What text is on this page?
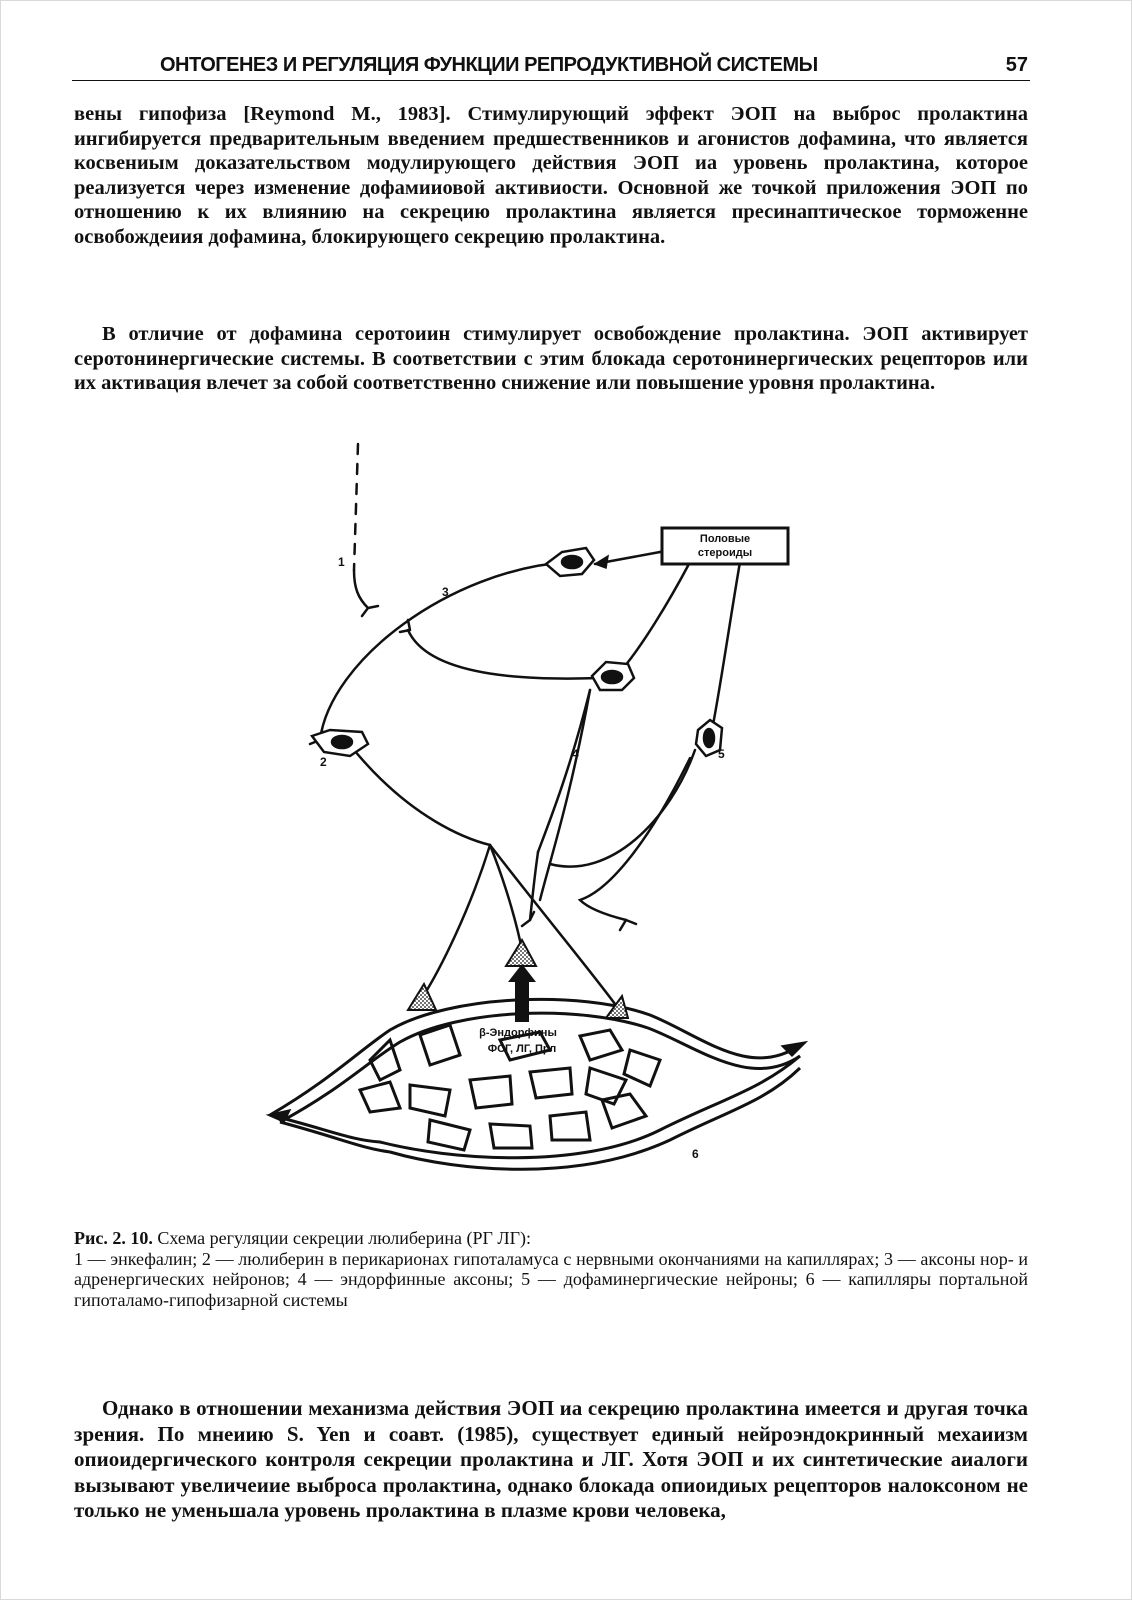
ОНТОГЕНЕЗ И РЕГУЛЯЦИЯ ФУНКЦИИ РЕПРОДУКТИВНОЙ СИСТЕМЫ	57
вены гипофиза [Reymond M., 1983]. Стимулирующий эффект ЭОП на выброс пролактина ингибируется предварительным введением предшественников и агонистов дофамина, что является косвениым доказательством модулирующего действия ЭОП иа уровень пролактина, которое реализуется через изменение дофамииовой активиости. Основной же точкой приложения ЭОП по отношению к их влиянию на секрецию пролактина является пресинаптическое торможенне освобождеиия дофамина, блокирующего секрецию пролактина.
В отличие от дофамина серотоиин стимулирует освобождение пролактина. ЭОП активирует серотонинергические системы. В соответствии с этим блокада серотонинергических рецепторов или их активация влечет за собой соответственно снижение или повышение уровня пролактина.
Половые
стероиды
β-Эндорфины
ФСГ, ЛГ, Прл
1
2
3
4	5
6
Рис. 2. 10. Схема регуляции секреции люлиберина (РГ ЛГ):
1 — энкефалин; 2 — люлиберин в перикарионах гипоталамуса с нервными окончаниями на капиллярах; 3 — аксоны нор- и адренергических нейронов; 4 — эндорфинные аксоны; 5 — дофаминергические нейроны; 6 — капилляры портальной гипоталамо-гипофизарной системы
Однако в отношении механизма действия ЭОП иа секрецию пролактина имеется и другая точка зрения. По мнеиию S. Yen и соавт. (1985), существует единый нейроэндокринный мехаиизм опиоидергического контроля секреции пролактина и ЛГ. Хотя ЭОП и их синтетические аиалоги вызывают увеличеиие выброса пролактина, однако блокада опиоидиых рецепторов налоксоном не только не уменьшала уровень пролактина в плазме крови человека,
